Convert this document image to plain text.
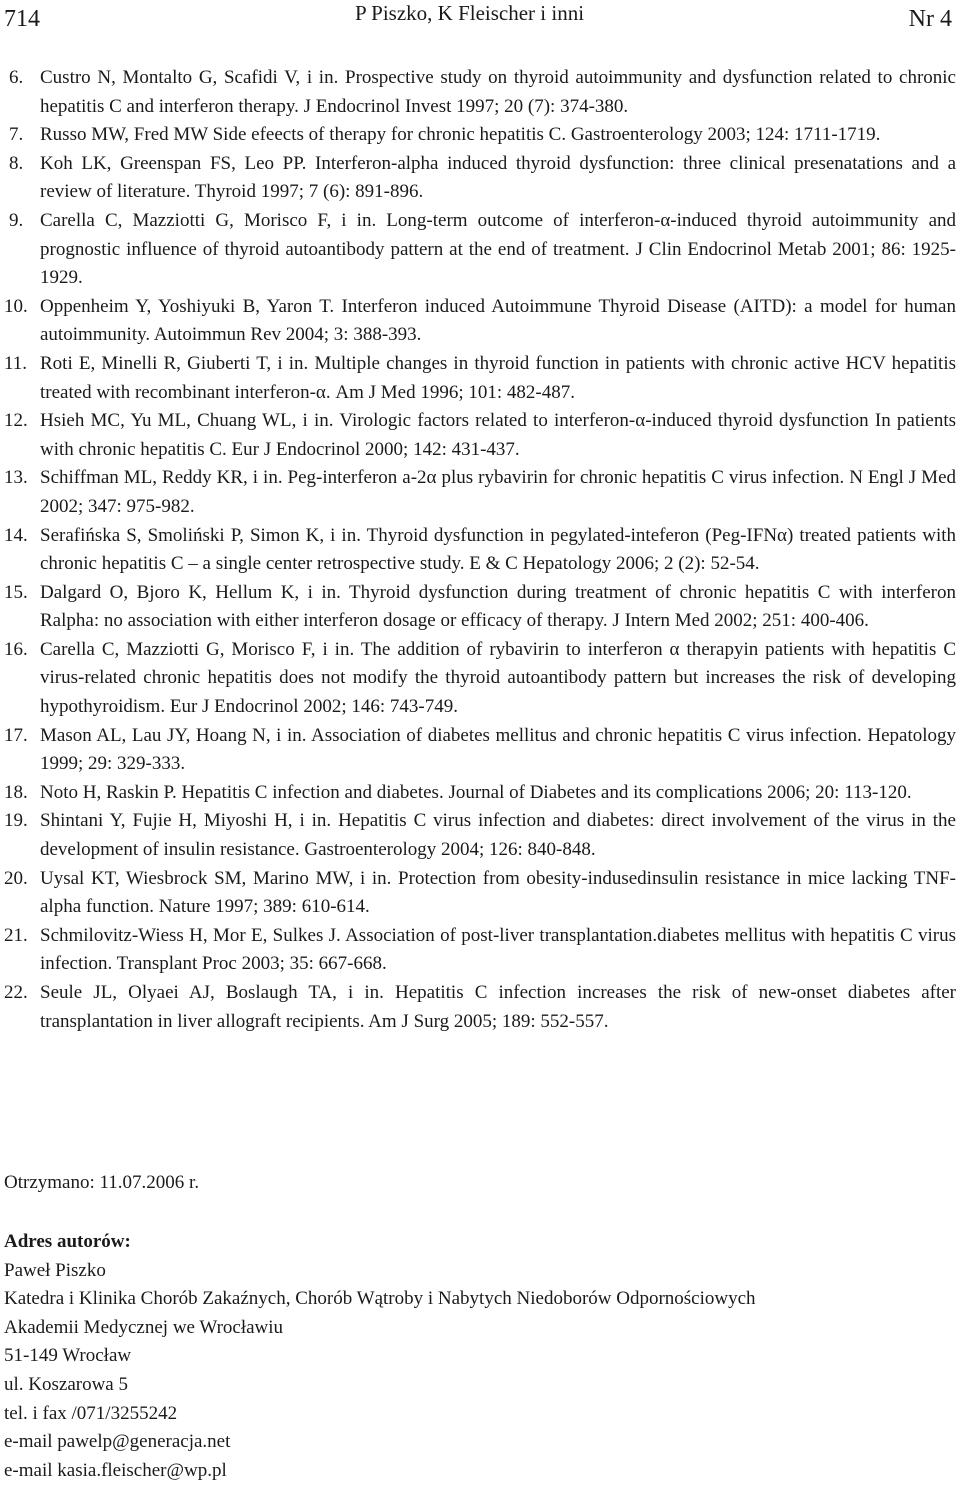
714	P Piszko, K Fleischer i inni	Nr 4
6. Custro N, Montalto G, Scafidi V, i in. Prospective study on thyroid autoimmunity and dysfunction related to chronic hepatitis C and interferon therapy. J Endocrinol Invest 1997; 20 (7): 374-380.
7. Russo MW, Fred MW Side efeects of therapy for chronic hepatitis C. Gastroenterology 2003; 124: 1711-1719.
8. Koh LK, Greenspan FS, Leo PP. Interferon-alpha induced thyroid dysfunction: three clinical presenatations and a review of literature. Thyroid 1997; 7 (6): 891-896.
9. Carella C, Mazziotti G, Morisco F, i in. Long-term outcome of interferon-α-induced thyroid autoimmunity and prognostic influence of thyroid autoantibody pattern at the end of treatment. J Clin Endocrinol Metab 2001; 86: 1925-1929.
10. Oppenheim Y, Yoshiyuki B, Yaron T. Interferon induced Autoimmune Thyroid Disease (AITD): a model for human autoimmunity. Autoimmun Rev 2004; 3: 388-393.
11. Roti E, Minelli R, Giuberti T, i in. Multiple changes in thyroid function in patients with chronic active HCV hepatitis treated with recombinant interferon-α. Am J Med 1996; 101: 482-487.
12. Hsieh MC, Yu ML, Chuang WL, i in. Virologic factors related to interferon-α-induced thyroid dysfunction In patients with chronic hepatitis C. Eur J Endocrinol 2000; 142: 431-437.
13. Schiffman ML, Reddy KR, i in. Peg-interferon a-2α plus rybavirin for chronic hepatitis C virus infection. N Engl J Med 2002; 347: 975-982.
14. Serafińska S, Smoliński P, Simon K, i in. Thyroid dysfunction in pegylated-inteferon (Peg-IFNα) treated patients with chronic hepatitis C – a single center retrospective study. E & C Hepatology 2006; 2 (2): 52-54.
15. Dalgard O, Bjoro K, Hellum K, i in. Thyroid dysfunction during treatment of chronic hepatitis C with interferon Ralpha: no association with either interferon dosage or efficacy of therapy. J Intern Med 2002; 251: 400-406.
16. Carella C, Mazziotti G, Morisco F, i in. The addition of rybavirin to interferon α therapyin patients with hepatitis C virus-related chronic hepatitis does not modify the thyroid autoantibody pattern but increases the risk of developing hypothyroidism. Eur J Endocrinol 2002; 146: 743-749.
17. Mason AL, Lau JY, Hoang N, i in. Association of diabetes mellitus and chronic hepatitis C virus infection. Hepatology 1999; 29: 329-333.
18. Noto H, Raskin P. Hepatitis C infection and diabetes. Journal of Diabetes and its complications 2006; 20: 113-120.
19. Shintani Y, Fujie H, Miyoshi H, i in. Hepatitis C virus infection and diabetes: direct involvement of the virus in the development of insulin resistance. Gastroenterology 2004; 126: 840-848.
20. Uysal KT, Wiesbrock SM, Marino MW, i in. Protection from obesity-indusedinsulin resistance in mice lacking TNF-alpha function. Nature 1997; 389: 610-614.
21. Schmilovitz-Wiess H, Mor E, Sulkes J. Association of post-liver transplantation.diabetes mellitus with hepatitis C virus infection. Transplant Proc 2003; 35: 667-668.
22. Seule JL, Olyaei AJ, Boslaugh TA, i in. Hepatitis C infection increases the risk of new-onset diabetes after transplantation in liver allograft recipients. Am J Surg 2005; 189: 552-557.
Otrzymano: 11.07.2006 r.
Adres autorów:
Paweł Piszko
Katedra i Klinika Chorób Zakaźnych, Chorób Wątroby i Nabytych Niedoborów Odpornościowych
Akademii Medycznej we Wrocławiu
51-149 Wrocław
ul. Koszarowa 5
tel. i fax /071/3255242
e-mail pawelp@generacja.net
e-mail kasia.fleischer@wp.pl
